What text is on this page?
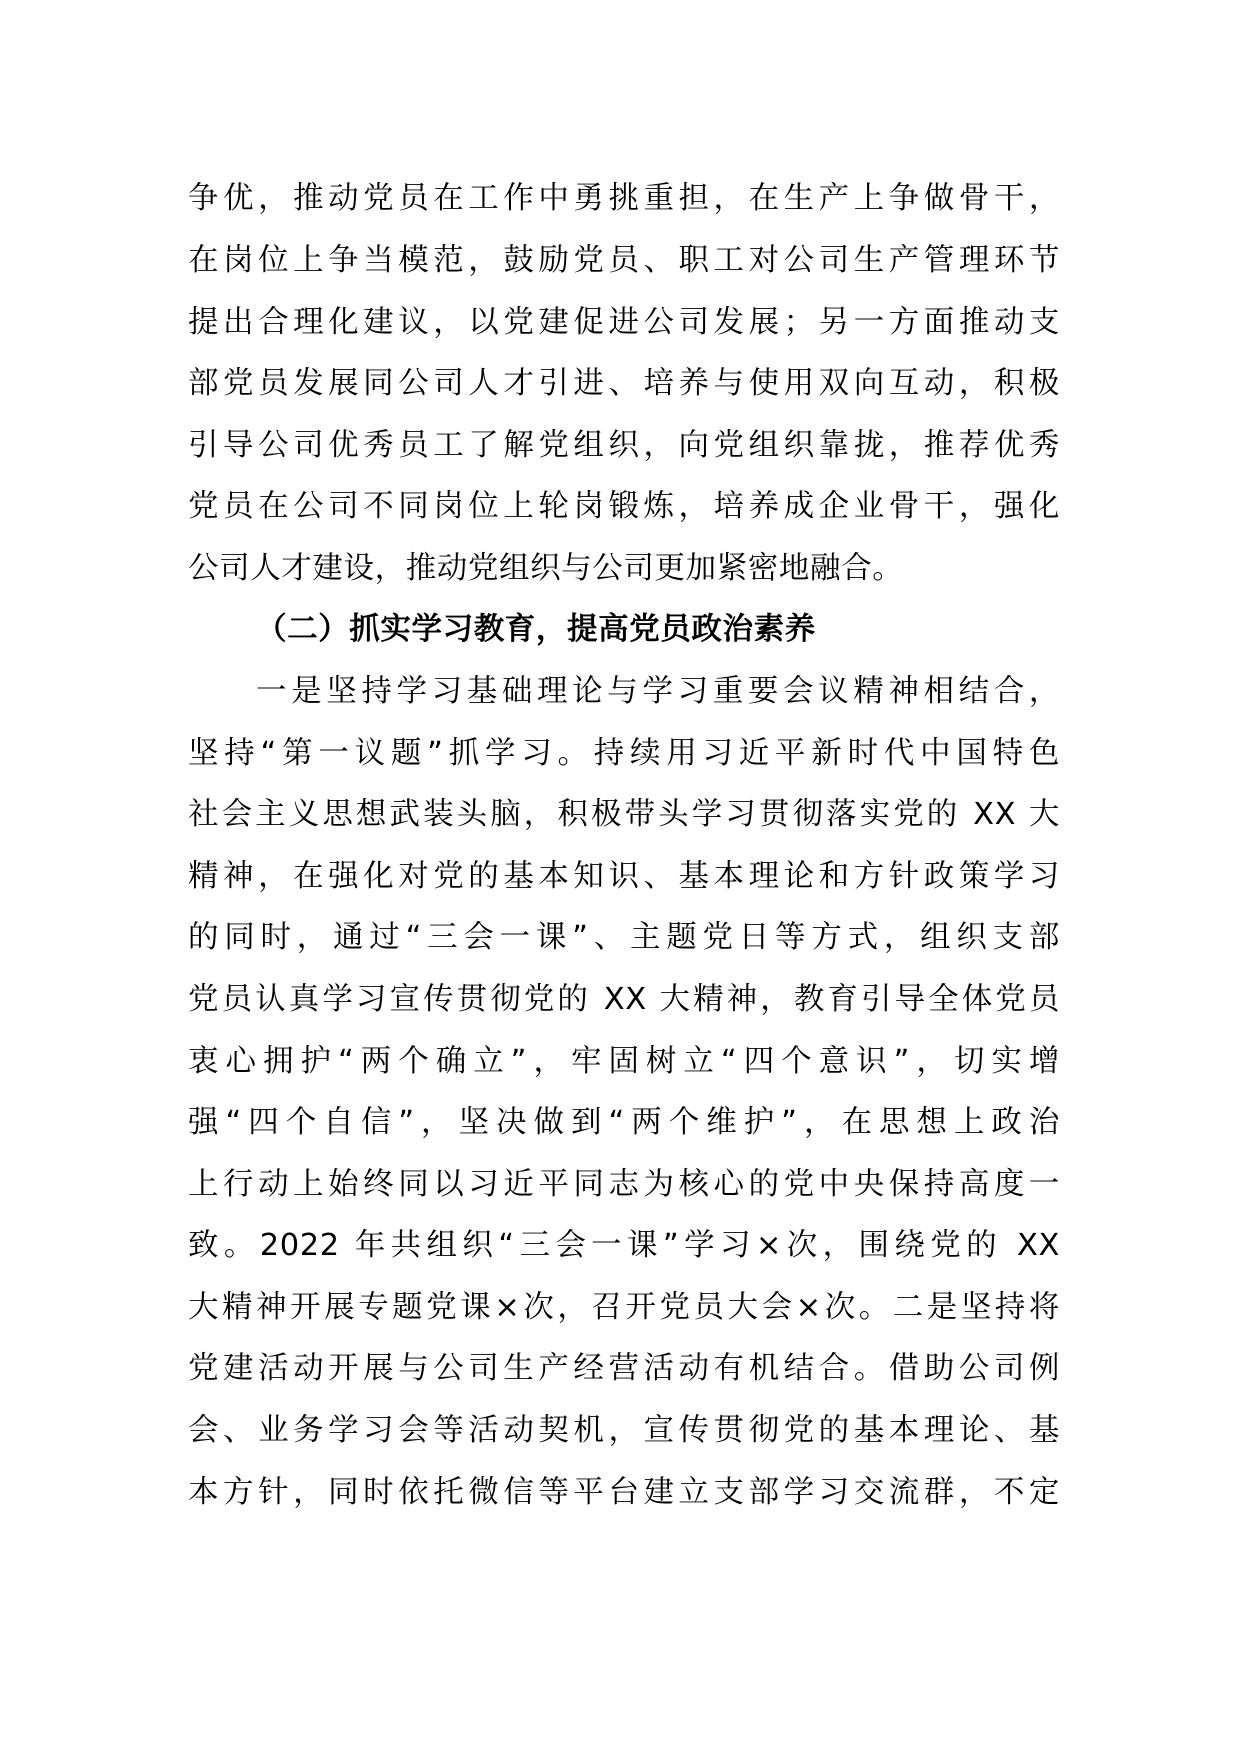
争优，推动党员在工作中勇挑重担，在生产上争做骨干，
在岗位上争当模范，鼓励党员、职工对公司生产管理环节
提出合理化建议，以党建促进公司发展；另一方面推动支
部党员发展同公司人才引进、培养与使用双向互动，积极
引导公司优秀员工了解党组织，向党组织靠拢，推荐优秀
党员在公司不同岗位上轮岗锻炼，培养成企业骨干，强化
公司人才建设，推动党组织与公司更加紧密地融合。
（二）抓实学习教育，提高党员政治素养
一是坚持学习基础理论与学习重要会议精神相结合，
坚持“第一议题”抓学习。持续用习近平新时代中国特色
社会主义思想武装头脑，积极带头学习贯彻落实党的 XX 大
精神，在强化对党的基本知识、基本理论和方针政策学习
的同时，通过“三会一课”、主题党日等方式，组织支部
党员认真学习宣传贯彻党的 XX 大精神，教育引导全体党员
衷心拥护“两个确立”，牢固树立“四个意识”，切实增
强“四个自信”，坚决做到“两个维护”，在思想上政治
上行动上始终同以习近平同志为核心的党中央保持高度一
致。2022 年共组织“三会一课”学习×次，围绕党的 XX
大精神开展专题党课×次，召开党员大会×次。二是坚持将
党建活动开展与公司生产经营活动有机结合。借助公司例
会、业务学习会等活动契机，宣传贯彻党的基本理论、基
本方针，同时依托微信等平台建立支部学习交流群，不定
